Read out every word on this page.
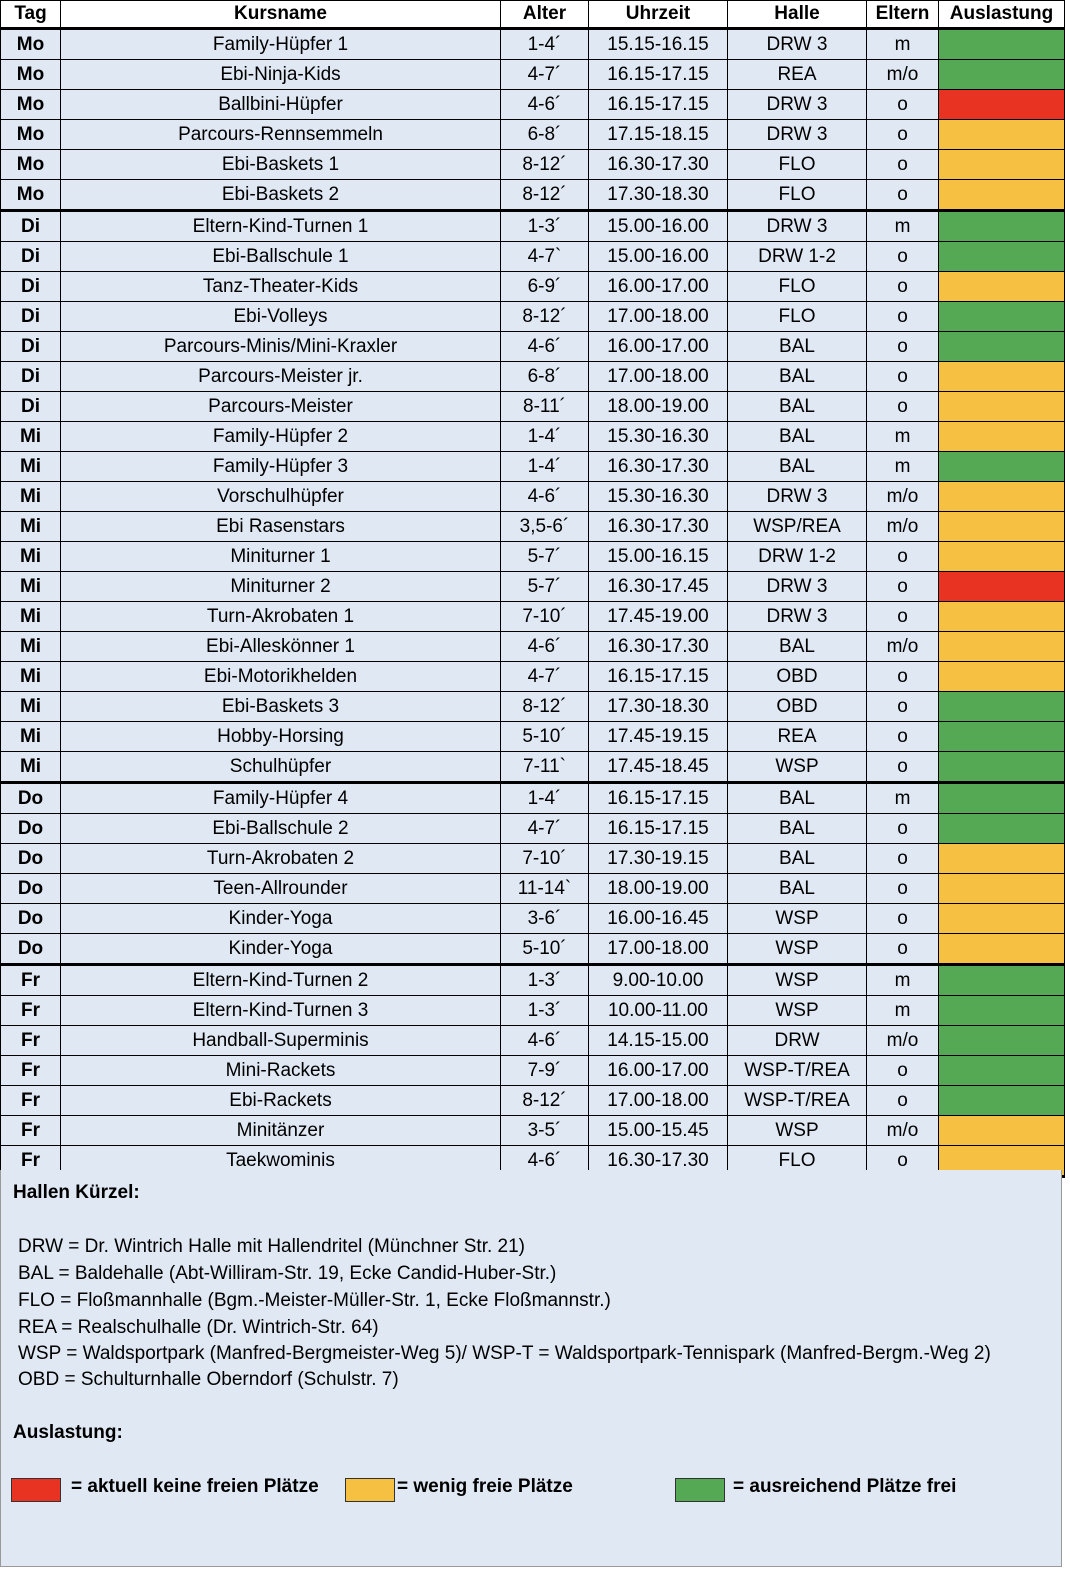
Tag	Kursname	Alter	Uhrzeit	Halle	Eltern	Auslastung
Mo	Family-Hüpfer 1	1-4´	15.15-16.15	DRW 3	m	
Mo	Ebi-Ninja-Kids	4-7´	16.15-17.15	REA	m/o	
Mo	Ballbini-Hüpfer	4-6´	16.15-17.15	DRW 3	o	
Mo	Parcours-Rennsemmeln	6-8´	17.15-18.15	DRW 3	o	
Mo	Ebi-Baskets 1	8-12´	16.30-17.30	FLO	o	
Mo	Ebi-Baskets 2	8-12´	17.30-18.30	FLO	o	
Di	Eltern-Kind-Turnen 1	1-3´	15.00-16.00	DRW 3	m	
Di	Ebi-Ballschule 1	4-7`	15.00-16.00	DRW 1-2	o	
Di	Tanz-Theater-Kids	6-9´	16.00-17.00	FLO	o	
Di	Ebi-Volleys	8-12´	17.00-18.00	FLO	o	
Di	Parcours-Minis/Mini-Kraxler	4-6´	16.00-17.00	BAL	o	
Di	Parcours-Meister jr.	6-8´	17.00-18.00	BAL	o	
Di	Parcours-Meister	8-11´	18.00-19.00	BAL	o	
Mi	Family-Hüpfer 2	1-4´	15.30-16.30	BAL	m	
Mi	Family-Hüpfer 3	1-4´	16.30-17.30	BAL	m	
Mi	Vorschulhüpfer	4-6´	15.30-16.30	DRW 3	m/o	
Mi	Ebi Rasenstars	3,5-6´	16.30-17.30	WSP/REA	m/o	
Mi	Miniturner 1	5-7´	15.00-16.15	DRW 1-2	o	
Mi	Miniturner 2	5-7´	16.30-17.45	DRW 3	o	
Mi	Turn-Akrobaten 1	7-10´	17.45-19.00	DRW 3	o	
Mi	Ebi-Alleskönner 1	4-6´	16.30-17.30	BAL	m/o	
Mi	Ebi-Motorikhelden	4-7´	16.15-17.15	OBD	o	
Mi	Ebi-Baskets 3	8-12´	17.30-18.30	OBD	o	
Mi	Hobby-Horsing	5-10´	17.45-19.15	REA	o	
Mi	Schulhüpfer	7-11`	17.45-18.45	WSP	o	
Do	Family-Hüpfer 4	1-4´	16.15-17.15	BAL	m	
Do	Ebi-Ballschule 2	4-7´	16.15-17.15	BAL	o	
Do	Turn-Akrobaten 2	7-10´	17.30-19.15	BAL	o	
Do	Teen-Allrounder	11-14`	18.00-19.00	BAL	o	
Do	Kinder-Yoga	3-6´	16.00-16.45	WSP	o	
Do	Kinder-Yoga	5-10´	17.00-18.00	WSP	o	
Fr	Eltern-Kind-Turnen 2	1-3´	9.00-10.00	WSP	m	
Fr	Eltern-Kind-Turnen 3	1-3´	10.00-11.00	WSP	m	
Fr	Handball-Superminis	4-6´	14.15-15.00	DRW	m/o	
Fr	Mini-Rackets	7-9´	16.00-17.00	WSP-T/REA	o	
Fr	Ebi-Rackets	8-12´	17.00-18.00	WSP-T/REA	o	
Fr	Minitänzer	3-5´	15.00-15.45	WSP	m/o	
Fr	Taekwominis	4-6´	16.30-17.30	FLO	o	
Hallen Kürzel:
DRW = Dr. Wintrich Halle mit Hallendritel (Münchner Str. 21)
BAL = Baldehalle (Abt-Williram-Str. 19, Ecke Candid-Huber-Str.)
FLO = Floßmannhalle (Bgm.-Meister-Müller-Str. 1, Ecke Floßmannstr.)
REA = Realschulhalle (Dr. Wintrich-Str. 64)
WSP = Waldsportpark (Manfred-Bergmeister-Weg 5)/ WSP-T = Waldsportpark-Tennispark (Manfred-Bergm.-Weg 2)
OBD = Schulturnhalle Oberndorf (Schulstr. 7)
Auslastung:
= aktuell keine freien Plätze	= wenig freie Plätze	= ausreichend Plätze frei
